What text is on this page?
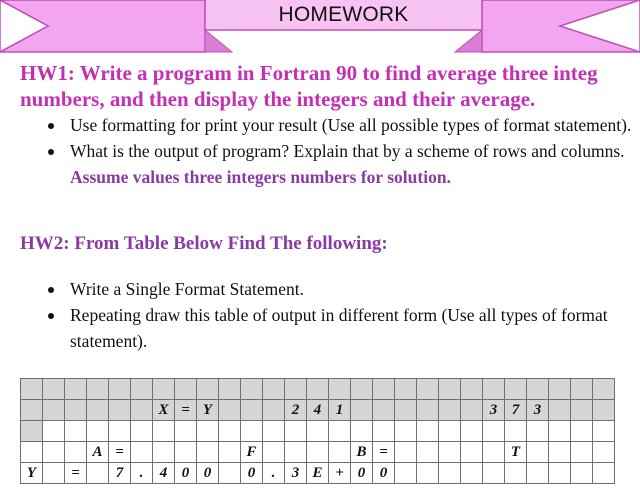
HOMEWORK
HW1: Write a program in Fortran 90 to find average three integ
numbers, and then display the integers and their average.
Use formatting for print your result (Use all possible types of format statement).
What is the output of program? Explain that by a scheme of rows and columns. Assume values three integers numbers for solution.
HW2: From Table Below Find The following:
Write a Single Format Statement.
Repeating draw this table of output in different form (Use all types of format statement).

						X	=	Y				2	4	1							3	7	3			

			A	=						F					B	=						T				
Y		=		7	.	4	0	0		0	.	3	E	+	0	0										
